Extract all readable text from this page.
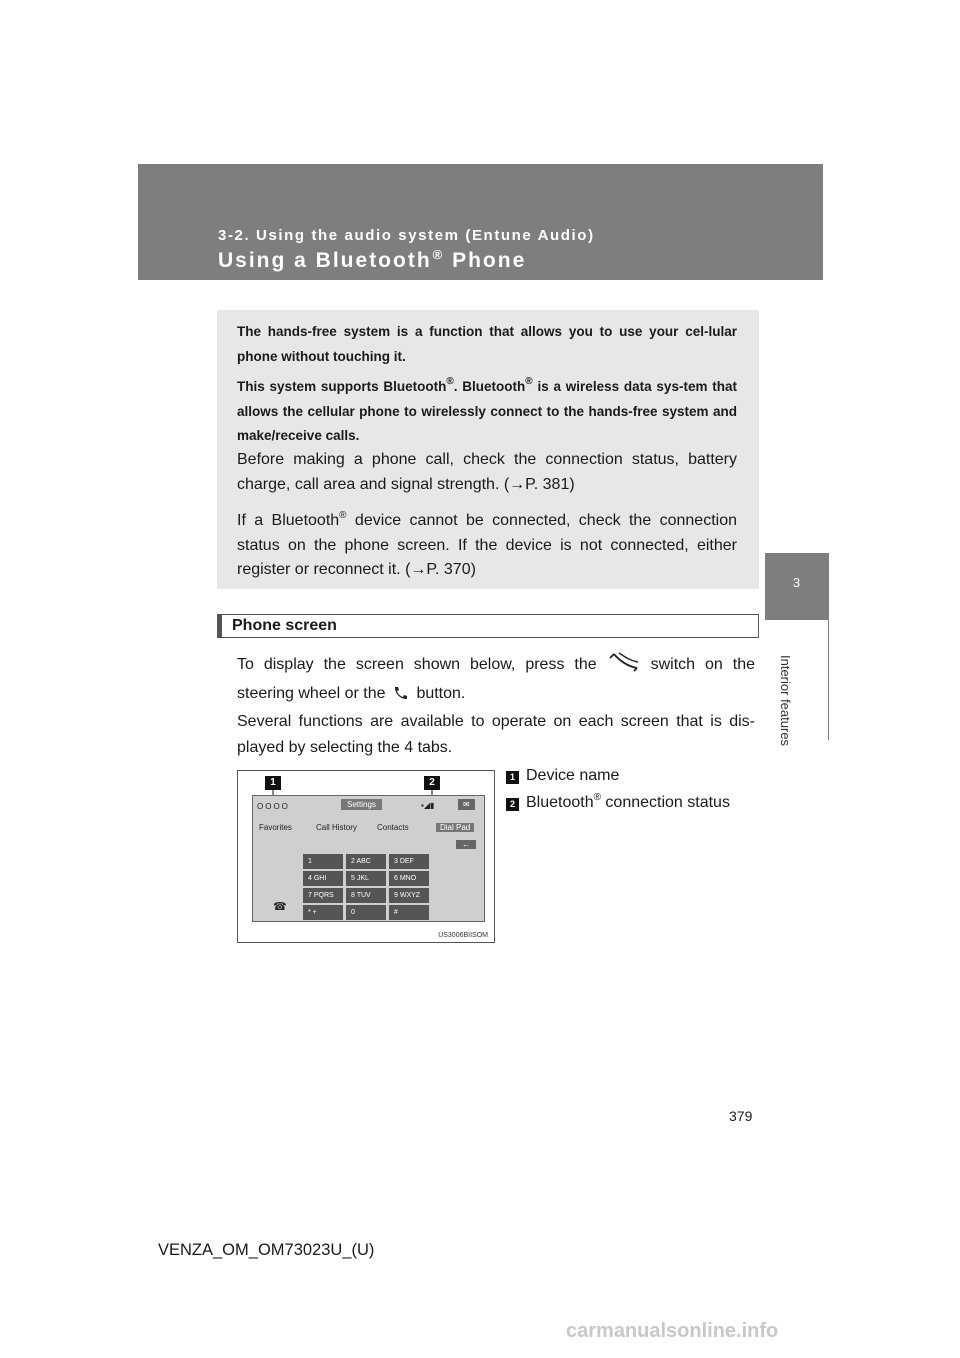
3-2. Using the audio system (Entune Audio)
Using a Bluetooth® Phone
3
Interior features
The hands-free system is a function that allows you to use your cel-lular phone without touching it.
This system supports Bluetooth®. Bluetooth® is a wireless data sys-tem that allows the cellular phone to wirelessly connect to the hands-free system and make/receive calls.
Before making a phone call, check the connection status, battery charge, call area and signal strength. (→P. 381)
If a Bluetooth® device cannot be connected, check the connection status on the phone screen. If the device is not connected, either register or reconnect it. (→P. 370)
Phone screen
To display the screen shown below, press the	switch on the steering wheel or the button.
Several functions are available to operate on each screen that is dis-played by selecting the 4 tabs.
1	2
OOOO	Settings	▪◢▮	✉
Favorites	Call History	Contacts	Dial Pad
←
1	2 ABC	3 DEF
4 GHI	5 JKL	6 MNO
7 PQRS	8 TUV	9 WXYZ
* +	0	#
☎
US3006BIISOM
1 Device name
2 Bluetooth® connection status
379
VENZA_OM_OM73023U_(U)
carmanualsonline.info
